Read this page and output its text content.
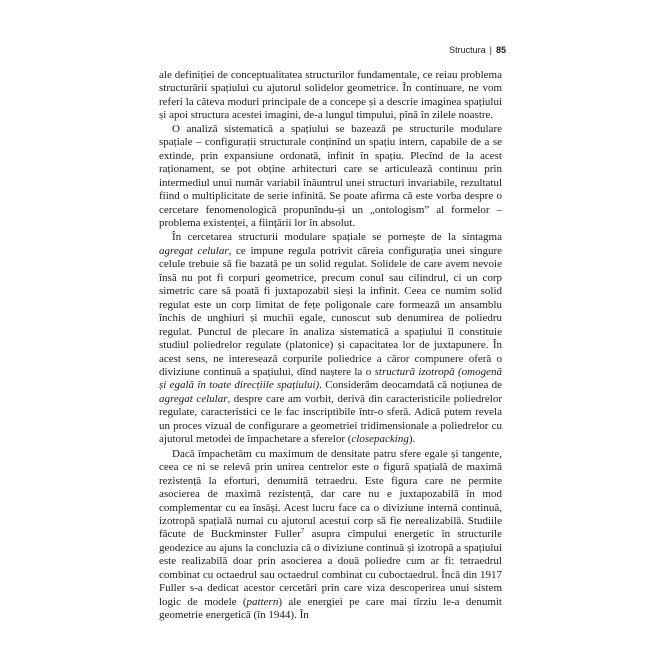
Structura | 85

ale definiției de conceptualitatea structurilor fundamentale, ce reiau problema structurării spațiului cu ajutorul solidelor geometrice. În continuare, ne vom referi la câteva moduri principale de a concepe și a descrie imaginea spațiului și apoi structura acestei imagini, de-a lungul timpului, pînă în zilele noastre.

O analiză sistematică a spațiului se bazează pe structurile modulare spațiale – configurații structurale conținînd un spațiu intern, capabile de a se extinde, prin expansiune ordonată, infinit în spațiu. Plecînd de la acest raționament, se pot obține arhitecturi care se articulează continuu prin intermediul unui număr variabil înăuntrul unei structuri invariabile, rezultatul fiind o multiplicitate de serie infinită. Se poate afirma că este vorba despre o cercetare fenomenologică propunîndu-și un „ontologism” al formelor – problema existenței, a ființării lor în absolut.

În cercetarea structurii modulare spațiale se pornește de la sintagma agregat celular, ce impune regula potrivit căreia configurația unei singure celule trebuie să fie bazată pe un solid regulat. Solidele de care avem nevoie însă nu pot fi corpuri geometrice, precum conul sau cilindrul, ci un corp simetric care să poată fi juxtapozabil sieși la infinit. Ceea ce numim solid regulat este un corp limitat de fețe poligonale care formează un ansamblu închis de unghiuri și muchii egale, cunoscut sub denumirea de poliedru regulat. Punctul de plecare în analiza sistematică a spațiului îl constituie studiul poliedrelor regulate (platonice) și capacitatea lor de juxtapunere. În acest sens, ne interesează corpurile poliedrice a căror compunere oferă o diviziune continuă a spațiului, dînd naștere la o structură izotropă (omogenă și egală în toate direcțiile spațiului). Considerăm deocamdată că noțiunea de agregat celular, despre care am vorbit, derivă din caracteristicile poliedrelor regulate, caracteristici ce le fac inscriptibile într-o sferă. Adică putem revela un proces vizual de configurare a geometriei tridimensionale a poliedrelor cu ajutorul metodei de împachetare a sferelor (closepacking).

Dacă împachetăm cu maximum de densitate patru sfere egale și tangente, ceea ce ni se relevă prin unirea centrelor este o figură spațială de maximă rezistență la eforturi, denumită tetraedru. Este figura care ne permite asocierea de maximă rezistență, dar care nu e juxtapozabilă în mod complementar cu ea însăși. Acest lucru face ca o diviziune internă continuă, izotropă spațială numai cu ajutorul acestui corp să fie nerealizabilă. Studiile făcute de Buckminster Fuller$^7$ asupra cîmpului energetic în structurile geodezice au ajuns la concluzia că o diviziune continuă și izotropă a spațiului este realizabilă doar prin asocierea a două poliedre cum ar fi: tetraedrul combinat cu octaedrul sau octaedrul combinat cu cuboctaedrul. Încă din 1917 Fuller s-a dedicat acestor cercetări prin care viza descoperirea unui sistem logic de modele (pattern) ale energiei pe care mai tîrziu le-a denumit geometrie energetică (în 1944). În
